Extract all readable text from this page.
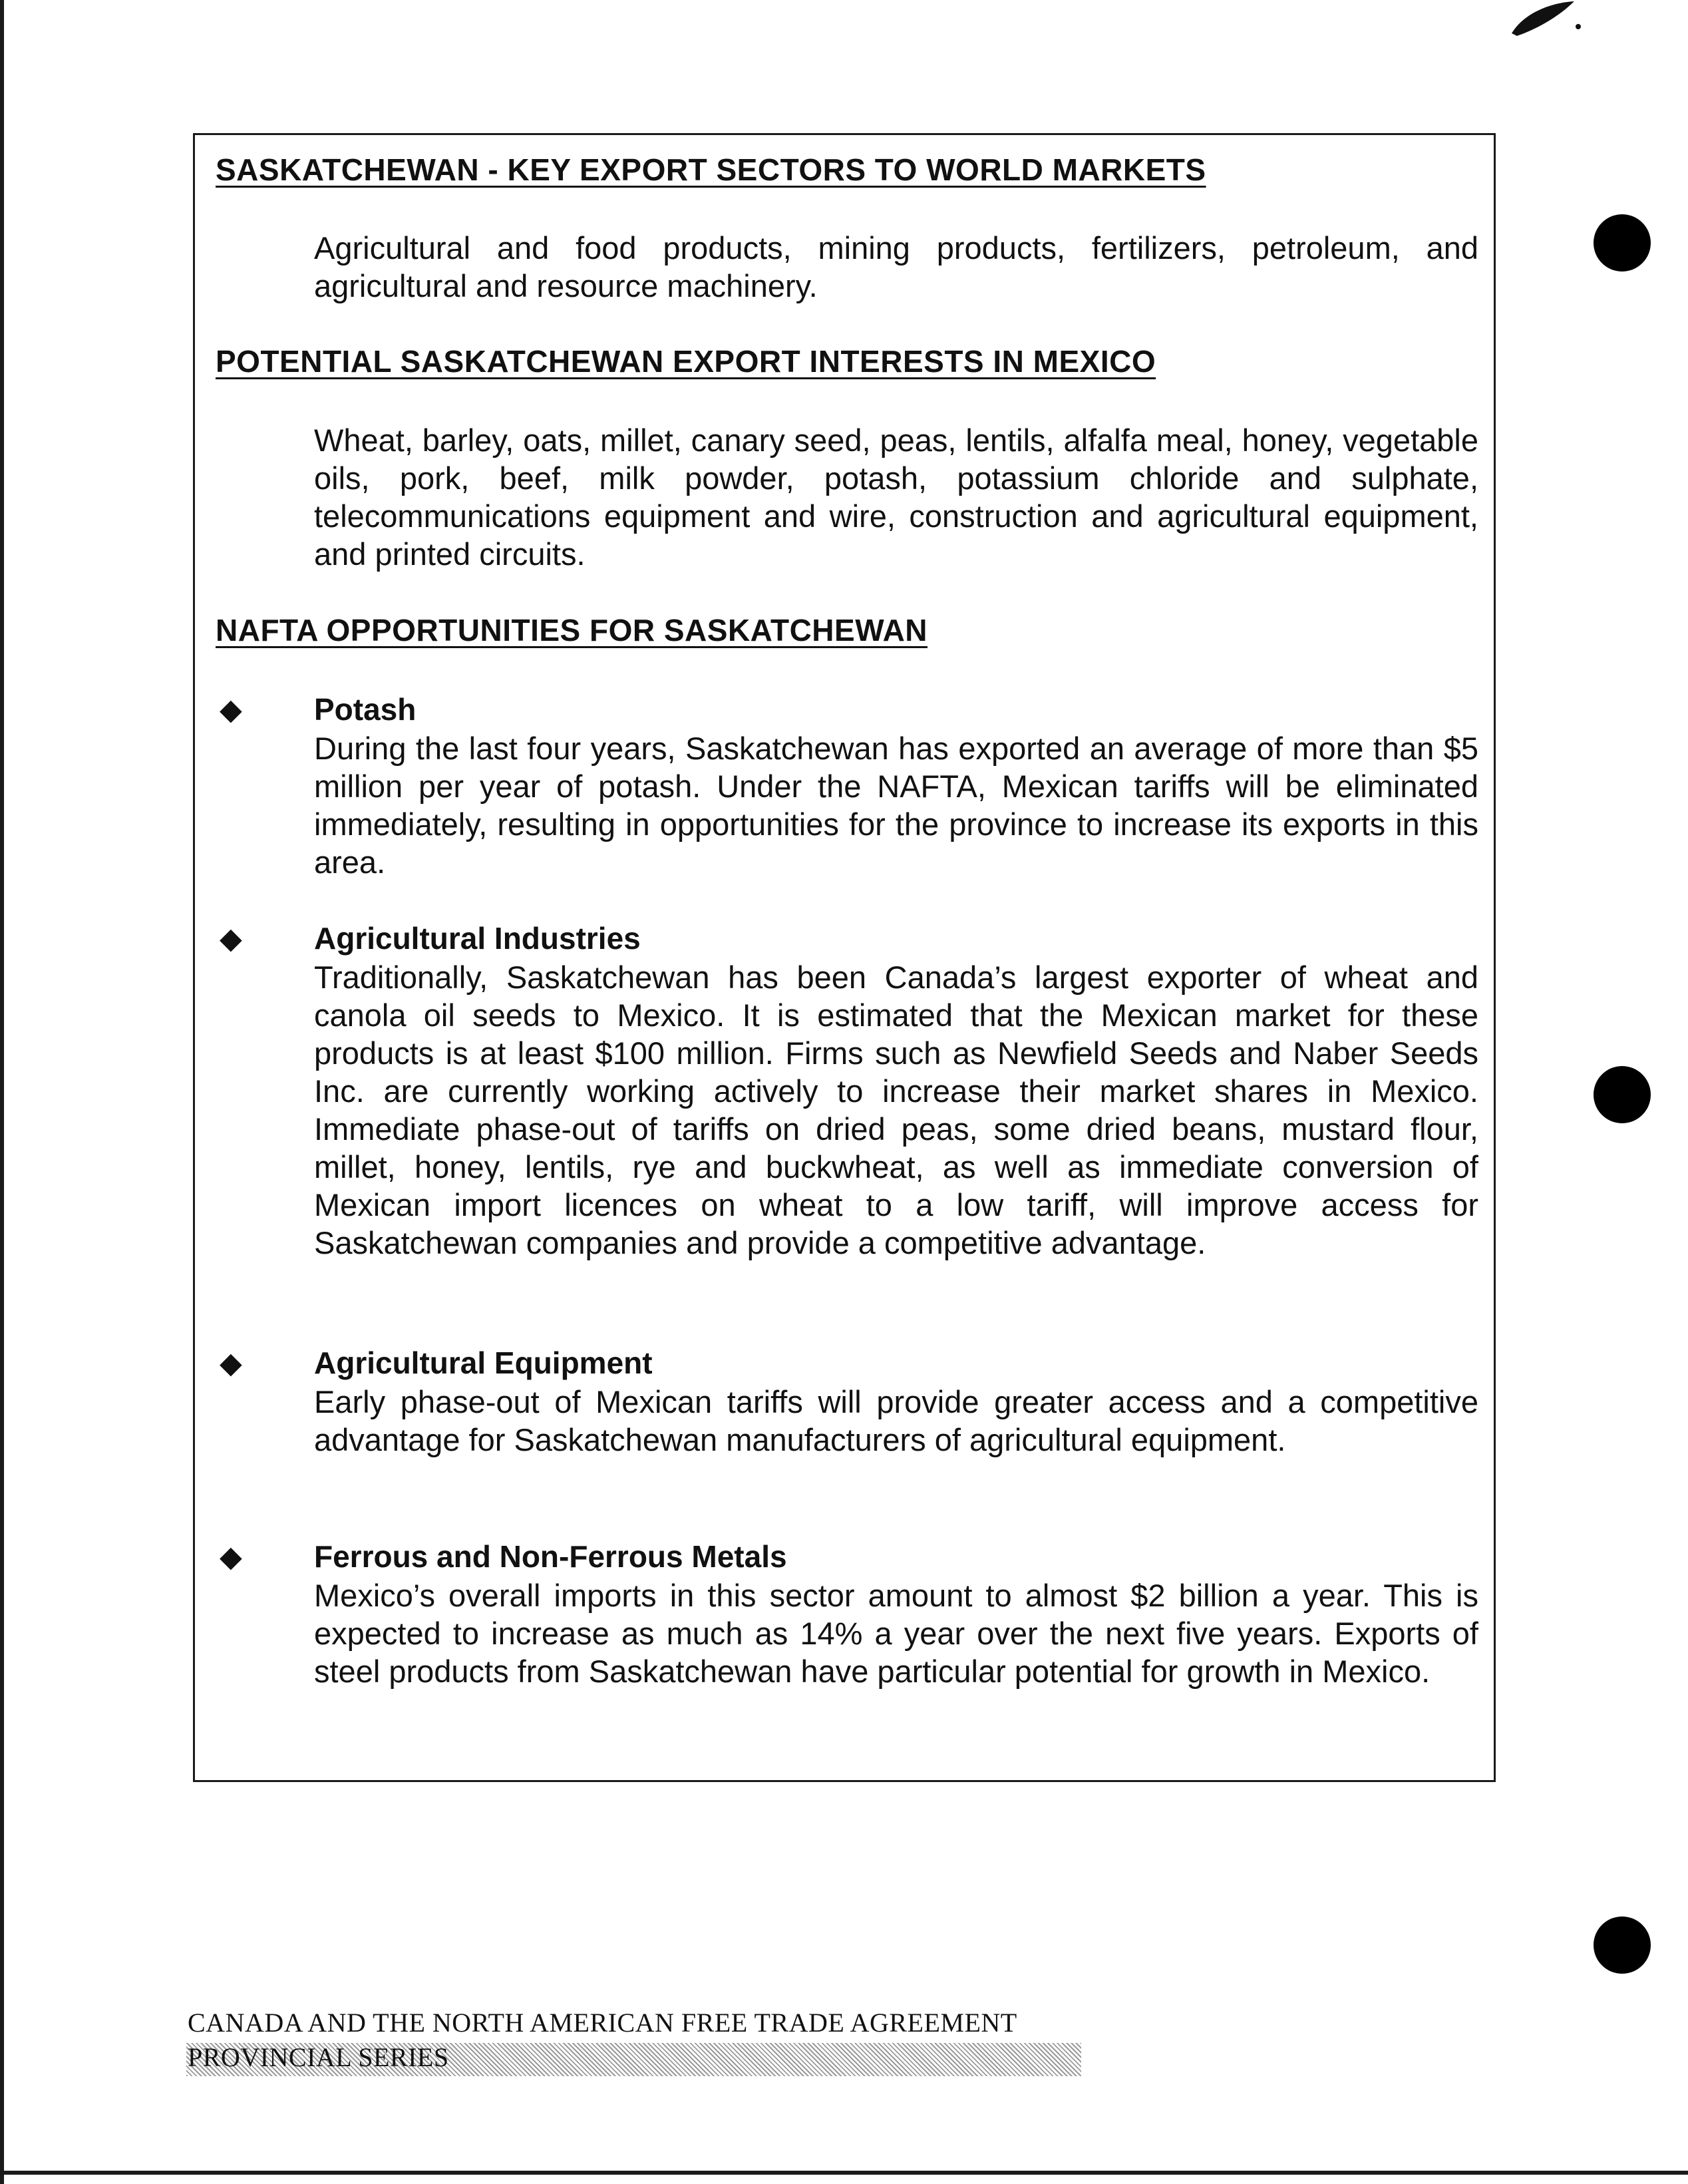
SASKATCHEWAN - KEY EXPORT SECTORS TO WORLD MARKETS

Agricultural and food products, mining products, fertilizers, petroleum, and agricultural and resource machinery.

POTENTIAL SASKATCHEWAN EXPORT INTERESTS IN MEXICO

Wheat, barley, oats, millet, canary seed, peas, lentils, alfalfa meal, honey, vegetable oils, pork, beef, milk powder, potash, potassium chloride and sulphate, telecommunications equipment and wire, construction and agricultural equipment, and printed circuits.

NAFTA OPPORTUNITIES FOR SASKATCHEWAN
◆ Potash

During the last four years, Saskatchewan has exported an average of more than $5 million per year of potash. Under the NAFTA, Mexican tariffs will be eliminated immediately, resulting in opportunities for the province to increase its exports in this area.

◆ Agricultural Industries

Traditionally, Saskatchewan has been Canada’s largest exporter of wheat and canola oil seeds to Mexico. It is estimated that the Mexican market for these products is at least $100 million. Firms such as Newfield Seeds and Naber Seeds Inc. are currently working actively to increase their market shares in Mexico. Immediate phase-out of tariffs on dried peas, some dried beans, mustard flour, millet, honey, lentils, rye and buckwheat, as well as immediate conversion of Mexican import licences on wheat to a low tariff, will improve access for Saskatchewan companies and provide a competitive advantage.

◆ Agricultural Equipment

Early phase-out of Mexican tariffs will provide greater access and a competitive advantage for Saskatchewan manufacturers of agricultural equipment.

◆ Ferrous and Non-Ferrous Metals

Mexico’s overall imports in this sector amount to almost $2 billion a year. This is expected to increase as much as 14% a year over the next five years. Exports of steel products from Saskatchewan have particular potential for growth in Mexico.

CANADA AND THE NORTH AMERICAN FREE TRADE AGREEMENT

PROVINCIAL SERIES
